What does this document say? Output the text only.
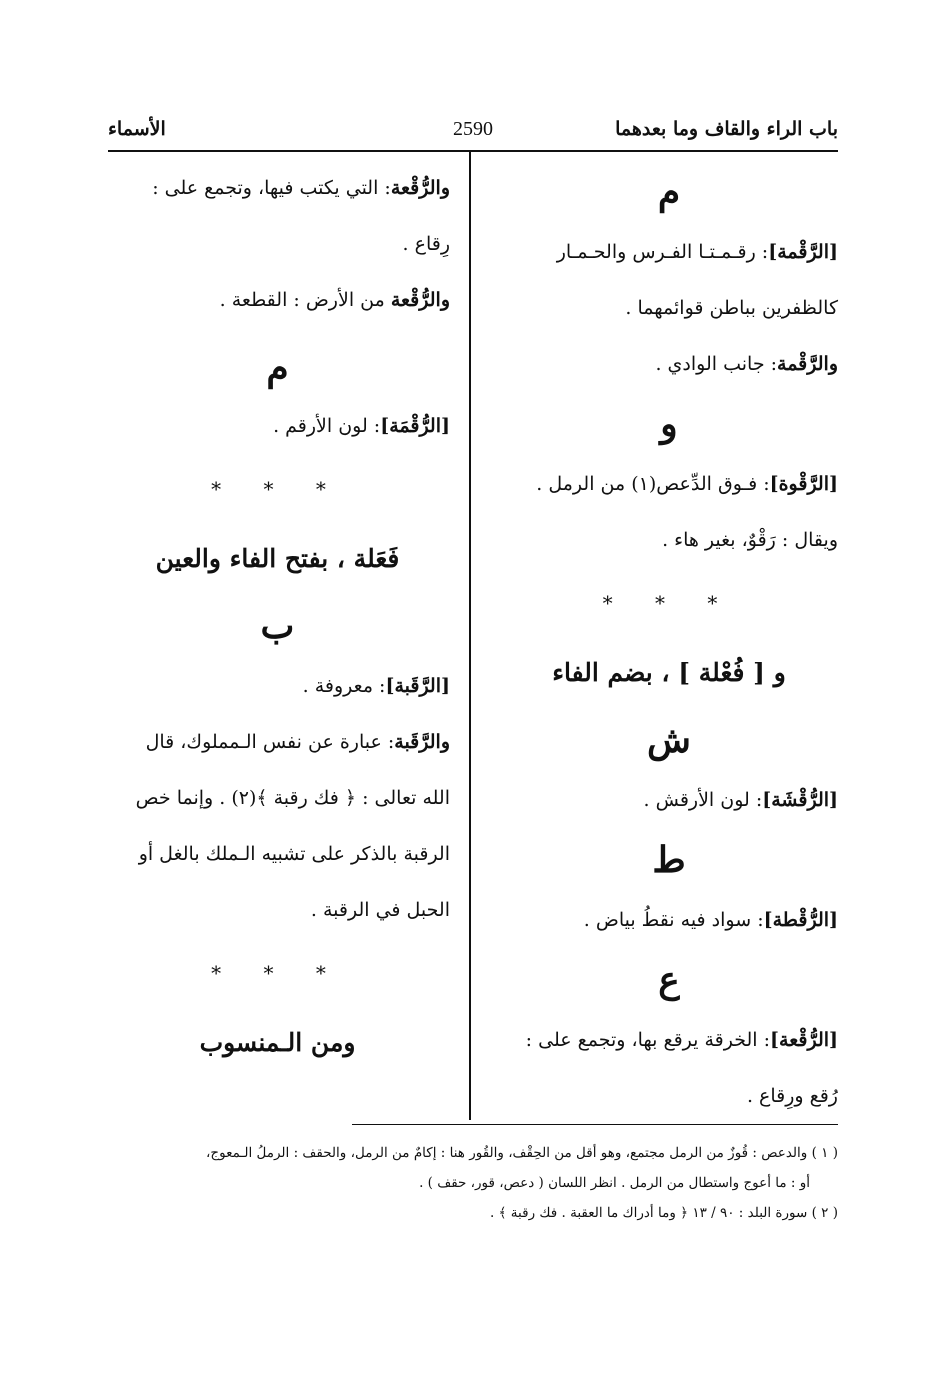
باب الراء والقاف وما بعدهما
2590
الأسماء
م

[الرَّقْمة]: رقـمـتـا الفـرس والحـمـار

كالظفرين بباطن قوائمهما .

والرَّقْمة: جانب الوادي .

و

[الرَّقْوة]: فـوق الدِّعص(١) من الرمل .

ويقال : رَقْوٌ، بغير هاء .

* * *
و [ فُعْلة ] ، بضم الفاء
ش

[الرُّقْشَة]: لون الأرقش .

ط

[الرُّقْطة]: سواد فيه نقطُ بياض .

ع

[الرُّقْعة]: الخرقة يرقع بها، وتجمع على :

رُقع ورِقاع .

والرُّقْعة: التي يكتب فيها، وتجمع على :

رِقاع .

والرُّقْعة من الأرض : القطعة .

م

[الرُّقْمَة]: لون الأرقم .

* * *
فَعَلة ، بفتح الفاء والعين
ب

[الرَّقَبة]: معروفة .

والرَّقَبة: عبارة عن نفس الـمملوك، قال

الله تعالى : ﴿ فك رقبة ﴾(٢) . وإنما خص

الرقبة بالذكر على تشبيه الـملك بالغل أو

الحبل في الرقبة .

* * *
ومن الـمنسوب

( ١ ) والدعص : قُوزٌ من الرمل مجتمع، وهو أقل من الحِقْف، والقُور هنا : إكامٌ من الرمل، والحقف : الرملُ الـمعوج،

أو : ما أعوج واستطال من الرمل . انظر اللسان ( دعص، قور، حقف ) .

( ٢ ) سورة البلد : ٩٠ / ١٣ ﴿ وما أدراك ما العقبة . فك رقبة ﴾ .
